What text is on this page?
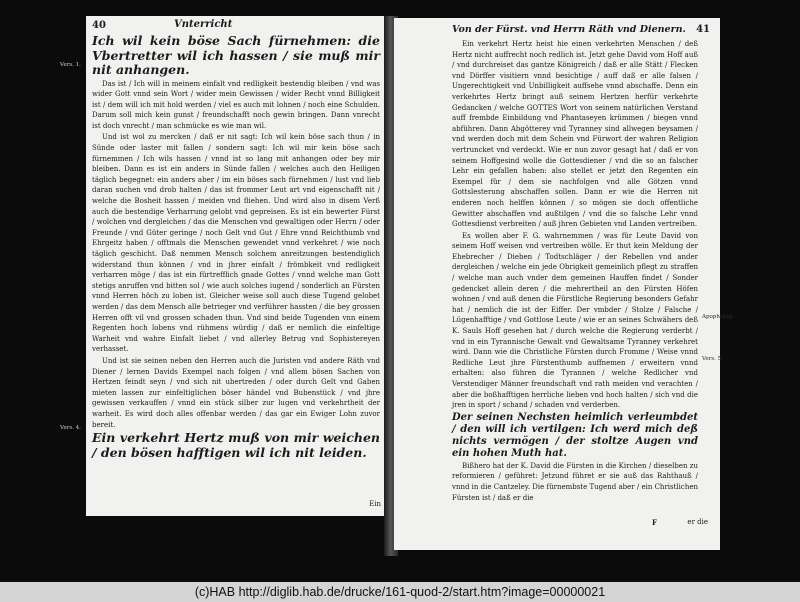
40	Vnterricht

Ich wil kein böse Sach fürnehmen: die Vbertretter wil ich hassen / sie muß mir nit anhangen.

Das ist / Ich will in meinem einfalt vnd redligkeit bestendig bleiben / vnd was wider Gott vnnd sein Wort / wider mein Gewissen / wider Recht vnnd Billigkeit ist / dem will ich mit hold werden / viel es auch mit lohnen / noch eine Schulden. Darum soll mich kein gunst / freundschafft noch gewin bringen. Dann vnrecht ist doch vnrecht / man schmücke es wie man wil.

Und ist wol zu mercken / daß er nit sagt: Ich wil kein böse sach thun / in Sünde oder laster mit fallen / sondern sagt: Ich wil mir kein böse sach fürnemmen / Ich wils hassen / vnnd ist so lang mit anhangen oder bey mir bleiben. Dann es ist ein anders in Sünde fallen / welches auch den Heiligen täglich begegnet: ein anders aber / im ein böses sach fürnehmen / lust vnd lieb daran suchen vnd drob halten / das ist frommer Leut art vnd eigenschafft nit / welche die Bosheit hassen / meiden vnd fliehen. Und wird also in disem Verß auch die bestendige Verharrung gelobt vnd gepreisen. Es ist ein bewerter Fürst / wolchen vnd dergleichen / das die Menschen vnd gewaltigen oder Herrn / oder Freunde / vnd Güter geringe / noch Gelt vnd Gut / Ehre vnnd Reichthumb vnd Ehrgeitz haben / offtmals die Menschen gewendet vnnd verkehret / wie noch täglich geschicht. Daß nemmen Mensch solchem anreitzungen bestendiglich widerstand thun können / vnd in jhrer einfalt / frömbkeit vnd redligkeit verharren möge / das ist ein fürtrefflich gnade Gottes / vnnd welche man Gott stetigs anruffen vnd bitten sol / wie auch solches iugend / sonderlich an Fürsten vnnd Herren höch zu loben ist. Gleicher weise soll auch diese Tugend gelobet werden / das dem Mensch alle betrieger vnd verführer hassten / die bey grossen Herren offt vil vnd grossen schaden thun. Vnd sind beide Tugenden vnn einem Regenten hoch lobens vnd rühmens würdig / daß er nemlich die einfeltige Warheit vnd wahre Einfalt liebet / vnd allerley Betrug vnd Sophistereyen verhasset.

Und ist sie seinen neben den Herren auch die Juristen vnd andere Räth vnd Diener / lernen Davids Exempel nach folgen / vnd allem bösen Sachen von Hertzen feindt seyn / vnd sich nit ubertreden / oder durch Gelt vnd Gaben mieten lassen zur einfeltiglichen böser händel vnd Bubenstück / vnd jhre gewissen verkauffen / vnnd ein stück silber zur lugen vnd verkehrtheit der warheit. Es wird doch alles offenbar werden / das gar ein Ewiger Lohn zuvor bereit.

Ein verkehrt Hertz muß von mir weichen / den bösen hafftigen wil ich nit leiden.

Ein
Vers. 1.
Vers. 4.
Von der Fürst. vnd Herrn Räth vnd Dienern. 41

Ein verkehrt Hertz heist hie einen verkehrten Menschen / deß Hertz nicht auffrecht noch redlich ist. Jetzt gehe David vom Hoff auß / vnd durchreiset das gantze Königreich / daß er alle Stätt / Flecken vnd Dörffer visitiern vnnd besichtige / auff daß er alle falsen / Ungerechtigkeit vnd Unbilligkeit auffsehe vnnd abschaffe. Denn ein verkehrtes Hertz bringt auß seinem Hertzen herfür verkehrte Gedancken / welche GOTTES Wort von seinem natürlichen Verstand auff frembde Einbildung vnd Phantaseyen krümmen / biegen vnnd abführen. Dann Abgötterey vnd Tyranney sind allwegen beysamen / vnd werden doch mit dem Schein vnd Fürwort der wahren Religion vertruncket vnd verdeckt. Wie er nun zuvor gesagt hat / daß er von seinem Hoffgesind wolle die Gottesdiener / vnd die so an falscher Lehr ein gefallen haben: also stellet er jetzt den Regenten ein Exempel für / dem sie nachfolgen vnd alle Götzen vnnd Gottslesterung abschaffen sollen. Dann er wie die Herren nit enderen noch helffen können / so mögen sie doch offentliche Gewitter abschaffen vnd außtilgen / vnd die so falsche Lehr vnnd Gottesdienst verbreiten / auß jhren Gebieten vnd Landen vertreiben.

Es wollen aber F. G. wahrnemmen / was für Leute David von seinem Hoff weisen vnd vertreiben wölle. Er thut kein Meldung der Ehebrecher / Dieben / Todtschläger / der Rebellen vnd ander dergleichen / welche ein jede Obrigkeit gemeinlich pflegt zu straffen / welche man auch vnder dem gemeinen Hauffen findet / Sonder gedencket allein deren / die mehrertheil an den Fürsten Höfen wohnen / vnd auß denen die Fürstliche Regierung besonders Gefahr hat / nemlich die ist der Eiffer. Der vmbder / Stolze / Falsche / Lügenhafftige / vnd Gottlose Leute / wie er an seines Schwähers deß K. Sauls Hoff gesehen hat / durch welche die Regierung verderbt / vnd in ein Tyrannische Gewalt vnd Gewaltsame Tyranney verkehret wird. Dann wie die Christliche Fürsten durch Fromme / Weise vnnd Redliche Leut jhre Fürstenthumb auffnemen / erweitern vnnd erhalten: also führen die Tyrannen / welche Redlicher vnd Verstendiger Männer freundschaft vnd rath meiden vnd verachten / aber die boßhafftigen herrliche lieben vnd hoch halten / sich vnd die jren in sport / schand / schaden vnd verderben.

Der seinen Nechsten heimlich verleumbdet / den will ich vertilgen: Ich werd mich deß nichts vermögen / der stoltze Augen vnd ein hohen Muth hat.

Bißhero hat der K. David die Fürsten in die Kirchen / dieselben zu reformieren / geführet: Jetzund führet er sie auß das Rahthauß / vnnd in die Cantzeley. Die fürnembste Tugend aber / ein Christlichen Fürsten ist / daß er die

F	er die
Apophtheg.
Vers. 5.
(c)HAB http://diglib.hab.de/drucke/161-quod-2/start.htm?image=00000021
